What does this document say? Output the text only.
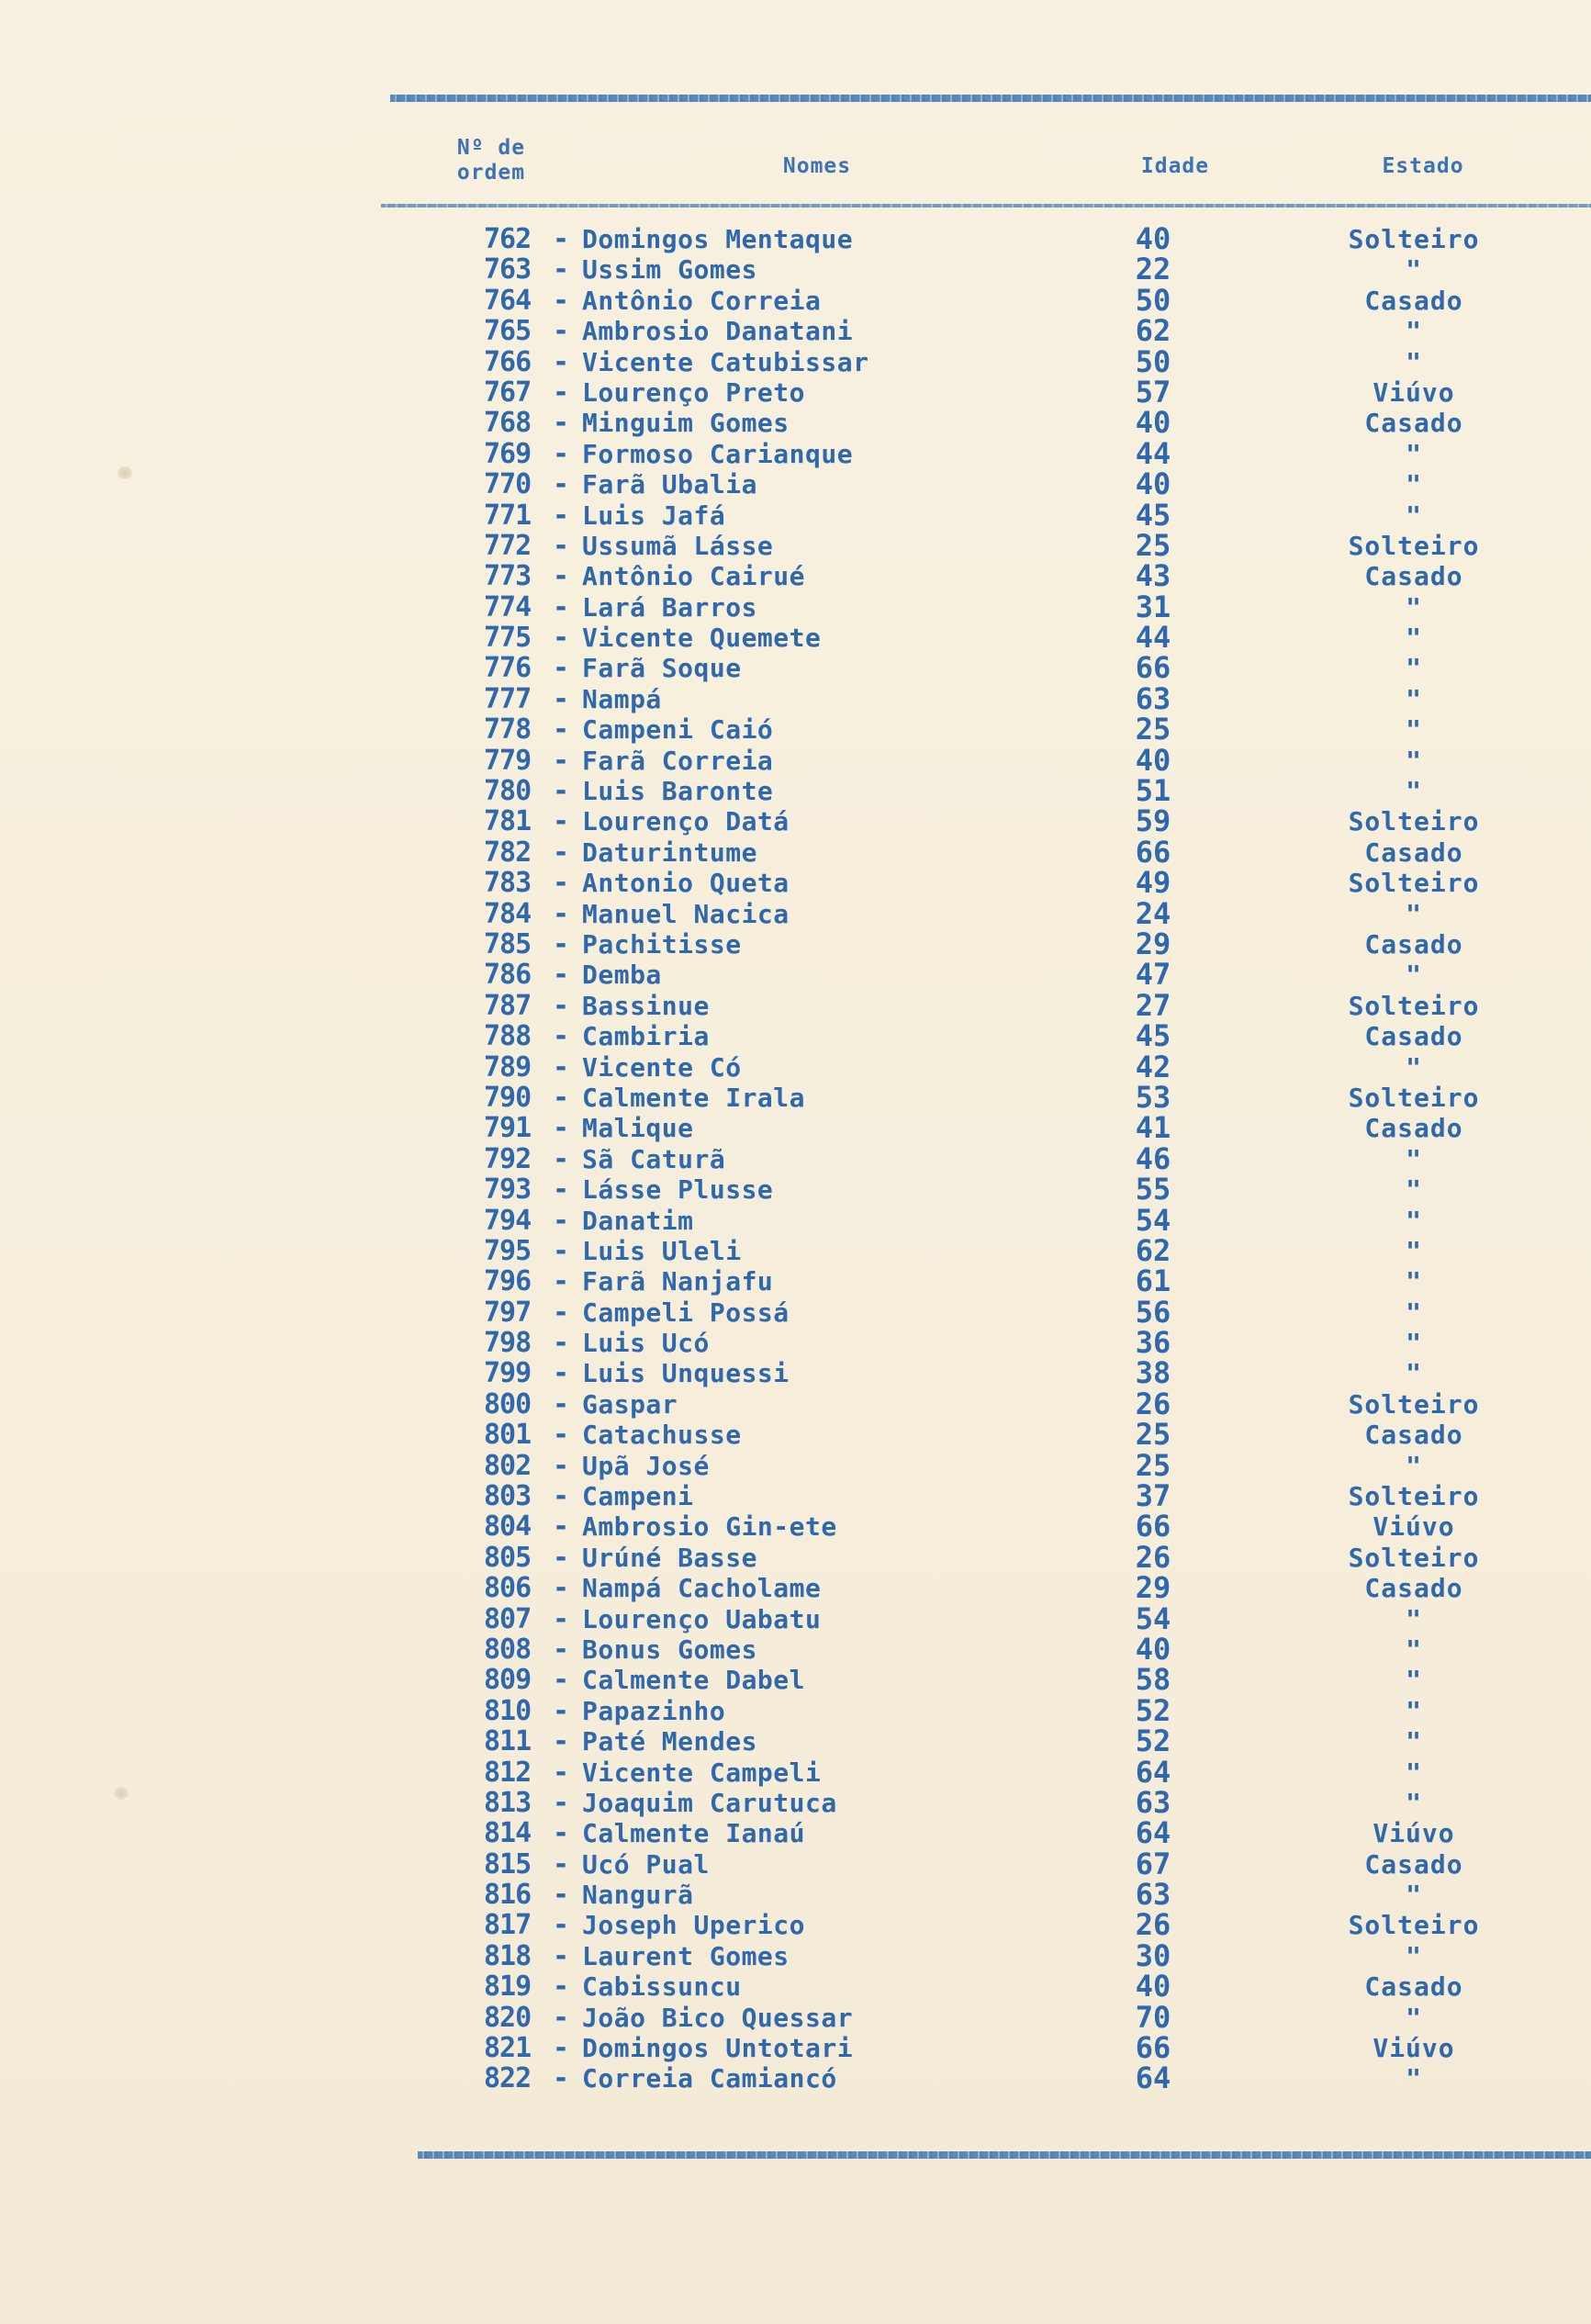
Nº de
ordem	Nomes	Idade	Estado
762 - Domingos Mentaque	40	Solteiro
763 - Ussim Gomes	22	"
764 - Antônio Correia	50	Casado
765 - Ambrosio Danatani	62	"
766 - Vicente Catubissar	50	"
767 - Lourenço Preto	57	Viúvo
768 - Minguim Gomes	40	Casado
769 - Formoso Carianque	44	"
770 - Farã Ubalia	40	"
771 - Luis Jafá	45	"
772 - Ussumã Lásse	25	Solteiro
773 - Antônio Cairué	43	Casado
774 - Lará Barros	31	"
775 - Vicente Quemete	44	"
776 - Farã Soque	66	"
777 - Nampá	63	"
778 - Campeni Caió	25	"
779 - Farã Correia	40	"
780 - Luis Baronte	51	"
781 - Lourenço Datá	59	Solteiro
782 - Daturintume	66	Casado
783 - Antonio Queta	49	Solteiro
784 - Manuel Nacica	24	"
785 - Pachitisse	29	Casado
786 - Demba	47	"
787 - Bassinue	27	Solteiro
788 - Cambiria	45	Casado
789 - Vicente Có	42	"
790 - Calmente Irala	53	Solteiro
791 - Malique	41	Casado
792 - Sã Caturã	46	"
793 - Lásse Plusse	55	"
794 - Danatim	54	"
795 - Luis Uleli	62	"
796 - Farã Nanjafu	61	"
797 - Campeli Possá	56	"
798 - Luis Ucó	36	"
799 - Luis Unquessi	38	"
800 - Gaspar	26	Solteiro
801 - Catachusse	25	Casado
802 - Upã José	25	"
803 - Campeni	37	Solteiro
804 - Ambrosio Gin-ete	66	Viúvo
805 - Urúné Basse	26	Solteiro
806 - Nampá Cacholame	29	Casado
807 - Lourenço Uabatu	54	"
808 - Bonus Gomes	40	"
809 - Calmente Dabel	58	"
810 - Papazinho	52	"
811 - Paté Mendes	52	"
812 - Vicente Campeli	64	"
813 - Joaquim Carutuca	63	"
814 - Calmente Ianaú	64	Viúvo
815 - Ucó Pual	67	Casado
816 - Nangurã	63	"
817 - Joseph Uperico	26	Solteiro
818 - Laurent Gomes	30	"
819 - Cabissuncu	40	Casado
820 - João Bico Quessar	70	"
821 - Domingos Untotari	66	Viúvo
822 - Correia Camiancó	64	"
